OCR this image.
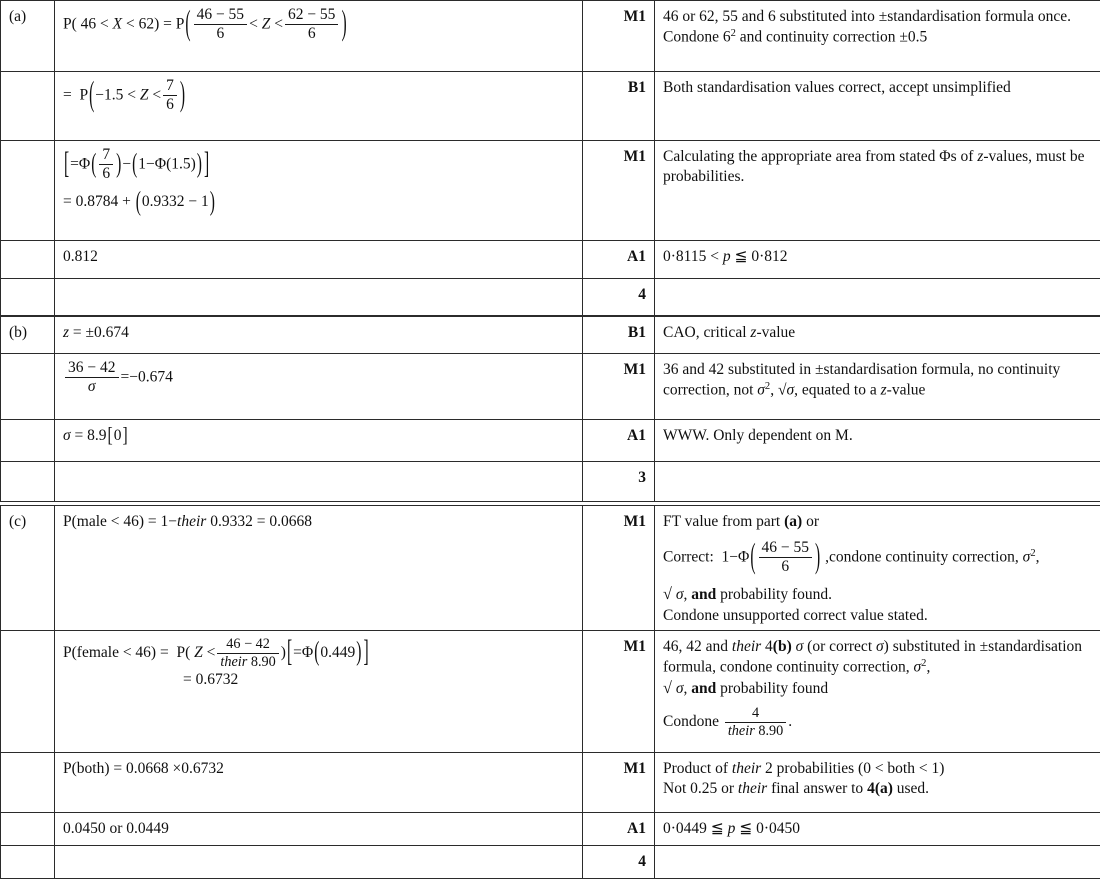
(a)	P( $46 < X < 62) = P( \frac{46 - 55}{6} < Z < \frac{62 - 55}{6}$ )	M1	46 or 62, 55 and 6 substituted into ±standardisation formula once. Condone $6^2$ and continuity correction ±0.5
	=  $P(-1.5 < Z < \frac{7}{6}$ )	B1	Both standardisation values correct, accept unsimplified
	[$=\Phi( \frac{7}{6} )-(1-\Phi(1.5))$ ]
= 0.8784 + (0.9332 − 1)	M1	Calculating the appropriate area from stated Φs of z-values, must be probabilities.
	0.812	A1	0·8115 < p ≦ 0·812
		4	

(b)	z = ±0.674	B1	CAO, critical z-value

	$\frac{36 - 42}{\sigma} =-0.674$	M1	36 and 42 substituted in ±standardisation formula, no continuity correction, not $\sigma^2$, √σ, equated to a z-value
	σ = 8.9[0]	A1	WWW. Only dependent on M.
		3	

(c)	P(male < 46) = 1−their 0.9332 = 0.0668	M1	FT value from part (a) or
Correct:  $1-\Phi( \frac{46 - 55}{6}$ ) ,condone continuity correction, $\sigma^2$,
√ σ, and probability found.
Condone unsupported correct value stated.

	P(female < 46) =  P( $Z < \frac{46 - 42}{\text{their 8.90}} )[=\Phi(0.449)$ ]
= 0.6732
	M1	46, 42 and their 4(b) σ (or correct σ) substituted in ±standardisation formula, condone continuity correction, $\sigma^2$,
√ σ, and probability found
Condone $\frac{4}{\text{their 8.90}}$ .

	P(both) = 0.0668 ×0.6732	M1	Product of their 2 probabilities (0 < both < 1)
Not 0.25 or their final answer to 4(a) used.

	0.0450 or 0.0449	A1	0·0449 ≦ p ≦ 0·0450
		4	
